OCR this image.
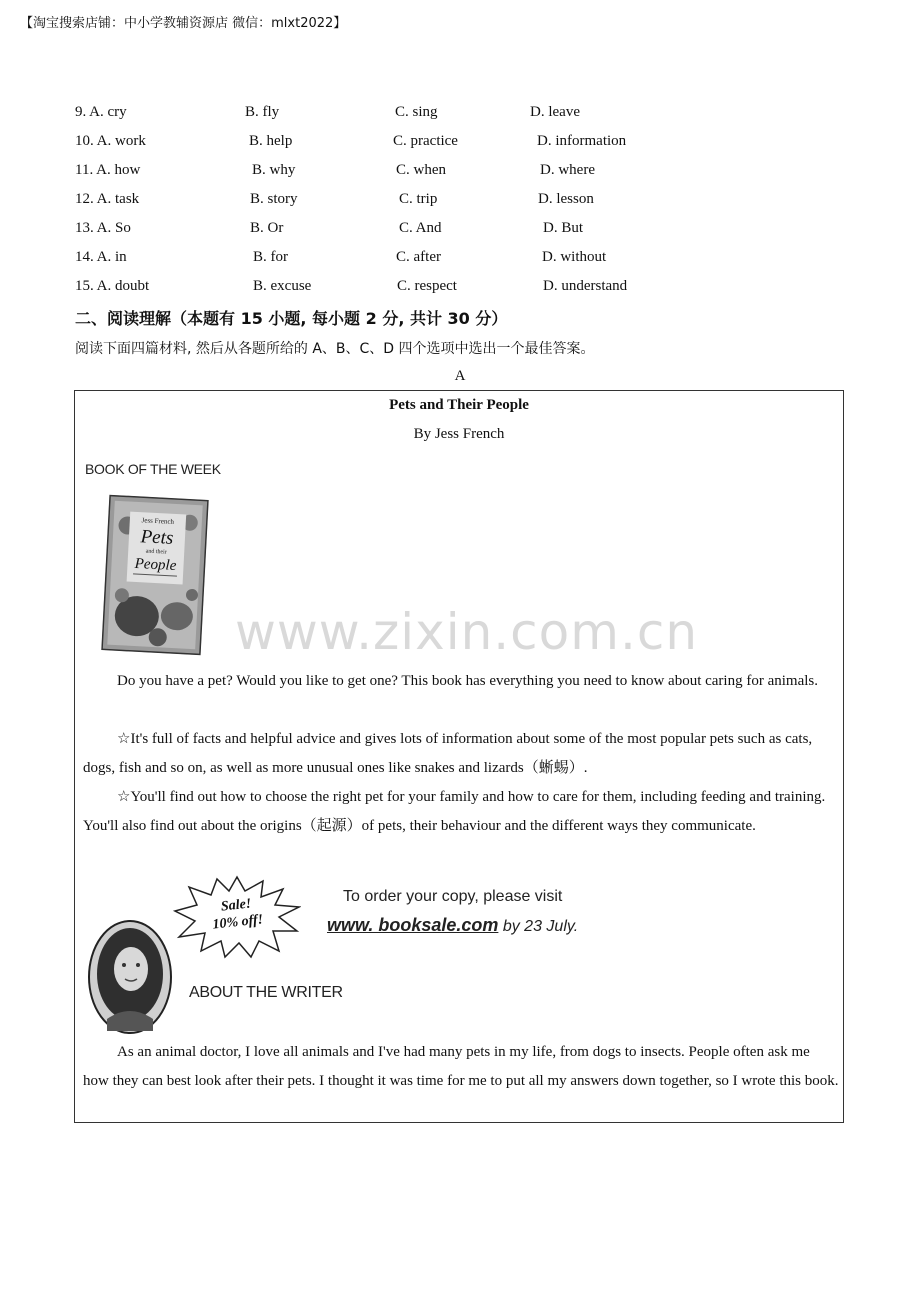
【淘宝搜索店铺：中小学教辅资源店 微信：mlxt2022】
9. A. cry	B. fly	C. sing	D. leave
10. A. work	B. help	C. practice	D. information
11. A. how	B. why	C. when	D. where
12. A. task	B. story	C. trip	D. lesson
13. A. So	B. Or	C. And	D. But
14. A. in	B. for	C. after	D. without
15. A. doubt	B. excuse	C. respect	D. understand
二、阅读理解（本题有 15 小题, 每小题 2 分, 共计 30 分）
阅读下面四篇材料, 然后从各题所给的 A、B、C、D 四个选项中选出一个最佳答案。
A
Pets and Their People
By Jess French
BOOK OF THE WEEK
Jess French
Pets
and their
People
www.zixin.com.cn
Do you have a pet? Would you like to get one? This book has everything you need to know about caring for animals.
☆It's full of facts and helpful advice and gives lots of information about some of the most popular pets such as cats, dogs, fish and so on, as well as more unusual ones like snakes and lizards（蜥蜴）.
☆You'll find out how to choose the right pet for your family and how to care for them, including feeding and training. You'll also find out about the origins（起源）of pets, their behaviour and the different ways they communicate.
Sale!
10% off!
To order your copy, please visit
www. booksale.com by 23 July.
ABOUT THE WRITER
As an animal doctor, I love all animals and I've had many pets in my life, from dogs to insects. People often ask me how they can best look after their pets. I thought it was time for me to put all my answers down together, so I wrote this book.
